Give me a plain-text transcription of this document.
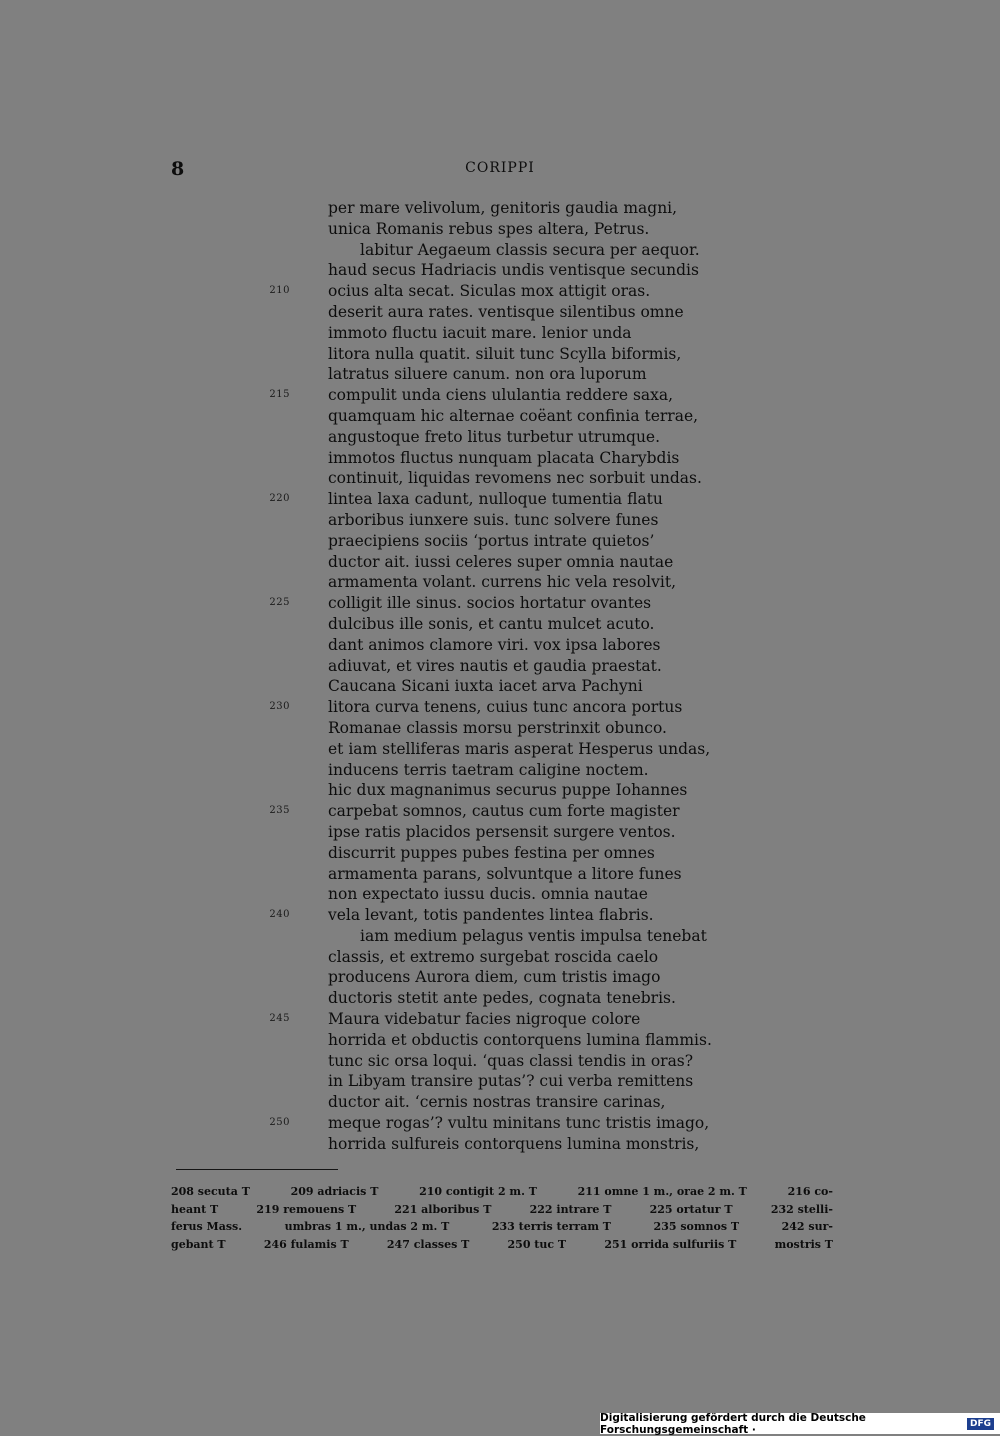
8	CORIPPI
per mare velivolum, genitoris gaudia magni,
unica Romanis rebus spes altera, Petrus.
labitur Aegaeum classis secura per aequor.
haud secus Hadriacis undis ventisque secundis
210 ocius alta secat. Siculas mox attigit oras.
deserit aura rates. ventisque silentibus omne
immoto fluctu iacuit mare. lenior unda
litora nulla quatit. siluit tunc Scylla biformis,
latratus siluere canum. non ora luporum
215 compulit unda ciens ululantia reddere saxa,
quamquam hic alternae coëant confinia terrae,
angustoque freto litus turbetur utrumque.
immotos fluctus nunquam placata Charybdis
continuit, liquidas revomens nec sorbuit undas.
220 lintea laxa cadunt, nulloque tumentia flatu
arboribus iunxere suis. tunc solvere funes
praecipiens sociis ‘portus intrate quietos’
ductor ait. iussi celeres super omnia nautae
armamenta volant. currens hic vela resolvit,
225 colligit ille sinus. socios hortatur ovantes
dulcibus ille sonis, et cantu mulcet acuto.
dant animos clamore viri. vox ipsa labores
adiuvat, et vires nautis et gaudia praestat.
Caucana Sicani iuxta iacet arva Pachyni
230 litora curva tenens, cuius tunc ancora portus
Romanae classis morsu perstrinxit obunco.
et iam stelliferas maris asperat Hesperus undas,
inducens terris taetram caligine noctem.
hic dux magnanimus securus puppe Iohannes
235 carpebat somnos, cautus cum forte magister
ipse ratis placidos persensit surgere ventos.
discurrit puppes pubes festina per omnes
armamenta parans, solvuntque a litore funes
non expectato iussu ducis. omnia nautae
240 vela levant, totis pandentes lintea flabris.
iam medium pelagus ventis impulsa tenebat
classis, et extremo surgebat roscida caelo
producens Aurora diem, cum tristis imago
ductoris stetit ante pedes, cognata tenebris.
245 Maura videbatur facies nigroque colore
horrida et obductis contorquens lumina flammis.
tunc sic orsa loqui. ‘quas classi tendis in oras?
in Libyam transire putas’? cui verba remittens
ductor ait. ‘cernis nostras transire carinas,
250 meque rogas’? vultu minitans tunc tristis imago,
horrida sulfureis contorquens lumina monstris,
208 secuta T	209 adriacis T	210 contigit 2 m. T	211 omne 1 m., orae 2 m. T	216 co-
heant T	219 remouens T	221 alboribus T	222 intrare T	225 ortatur T	232 stelli-
ferus Mass.	umbras 1 m., undas 2 m. T	233 terris terram T	235 somnos T	242 sur-
gebant T	246 fulamis T	247 classes T	250 tuc T	251 orrida sulfuriis T	mostris T
Digitalisierung gefördert durch die Deutsche Forschungsgemeinschaft ·	DFG
